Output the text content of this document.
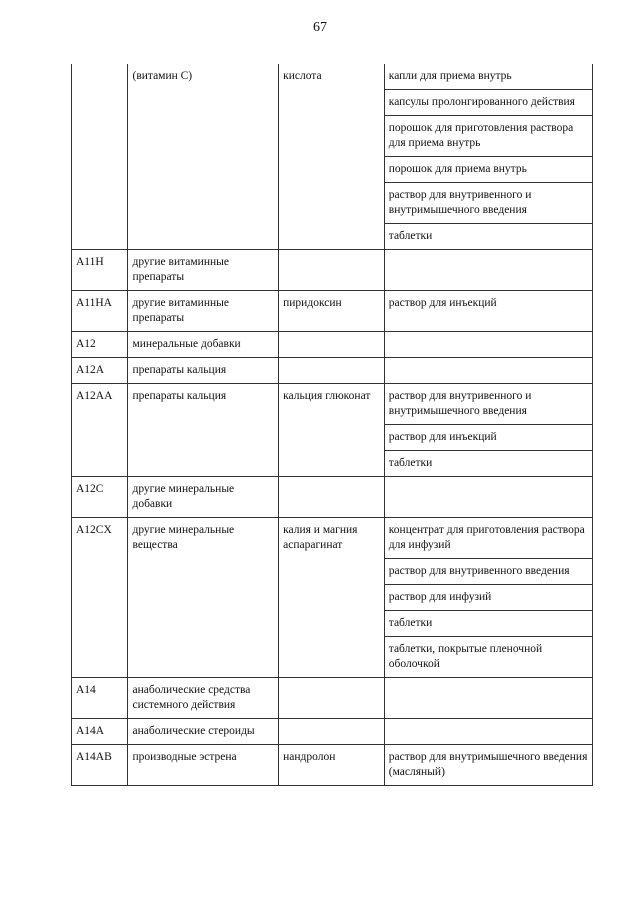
67
	(витамин С)	кислота	капли для приема внутрь
			капсулы пролонгированного действия
			порошок для приготовления раствора для приема внутрь
			порошок для приема внутрь
			раствор для внутривенного и внутримышечного введения
			таблетки
A11H	другие витаминные препараты		
A11HA	другие витаминные препараты	пиридоксин	раствор для инъекций
A12	минеральные добавки		
A12A	препараты кальция		
A12AA	препараты кальция	кальция глюконат	раствор для внутривенного и внутримышечного введения
			раствор для инъекций
			таблетки
A12C	другие минеральные добавки		
A12CX	другие минеральные вещества	калия и магния аспарагинат	концентрат для приготовления раствора для инфузий
			раствор для внутривенного введения
			раствор для инфузий
			таблетки
			таблетки, покрытые пленочной оболочкой
A14	анаболические средства системного действия		
A14A	анаболические стероиды		
A14AB	производные эстрена	нандролон	раствор для внутримышечного введения (масляный)
